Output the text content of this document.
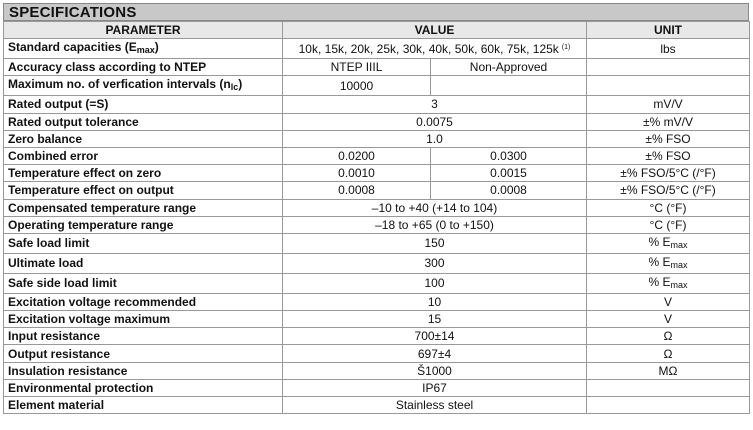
SPECIFICATIONS
PARAMETER	VALUE		UNIT
Standard capacities $(E_{max})$	10k, 15k, 20k, 25k, 30k, 40k, 50k, 60k, 75k, 125k $^{(1)}$		lbs
Accuracy class according to NTEP	NTEP IIIL	Non-Approved	
Maximum no. of verfication intervals $(n_{lc})$	10000		
Rated output (=S)	3		mV/V
Rated output tolerance	0.0075		±% mV/V
Zero balance	1.0		±% FSO
Combined error	0.0200	0.0300	±% FSO
Temperature effect on zero	0.0010	0.0015	±% FSO/5°C (/°F)
Temperature effect on output	0.0008	0.0008	±% FSO/5°C (/°F)
Compensated temperature range	–10 to +40 (+14 to 104)		°C (°F)
Operating temperature range	–18 to +65 (0 to +150)		°C (°F)
Safe load limit	150		% $E_{max}$
Ultimate load	300		% $E_{max}$
Safe side load limit	100		% $E_{max}$
Excitation voltage recommended	10		V
Excitation voltage maximum	15		V
Input resistance	700±14		Ω
Output resistance	697±4		Ω
Insulation resistance	Š1000		MΩ
Environmental protection	IP67		
Element material	Stainless steel		
